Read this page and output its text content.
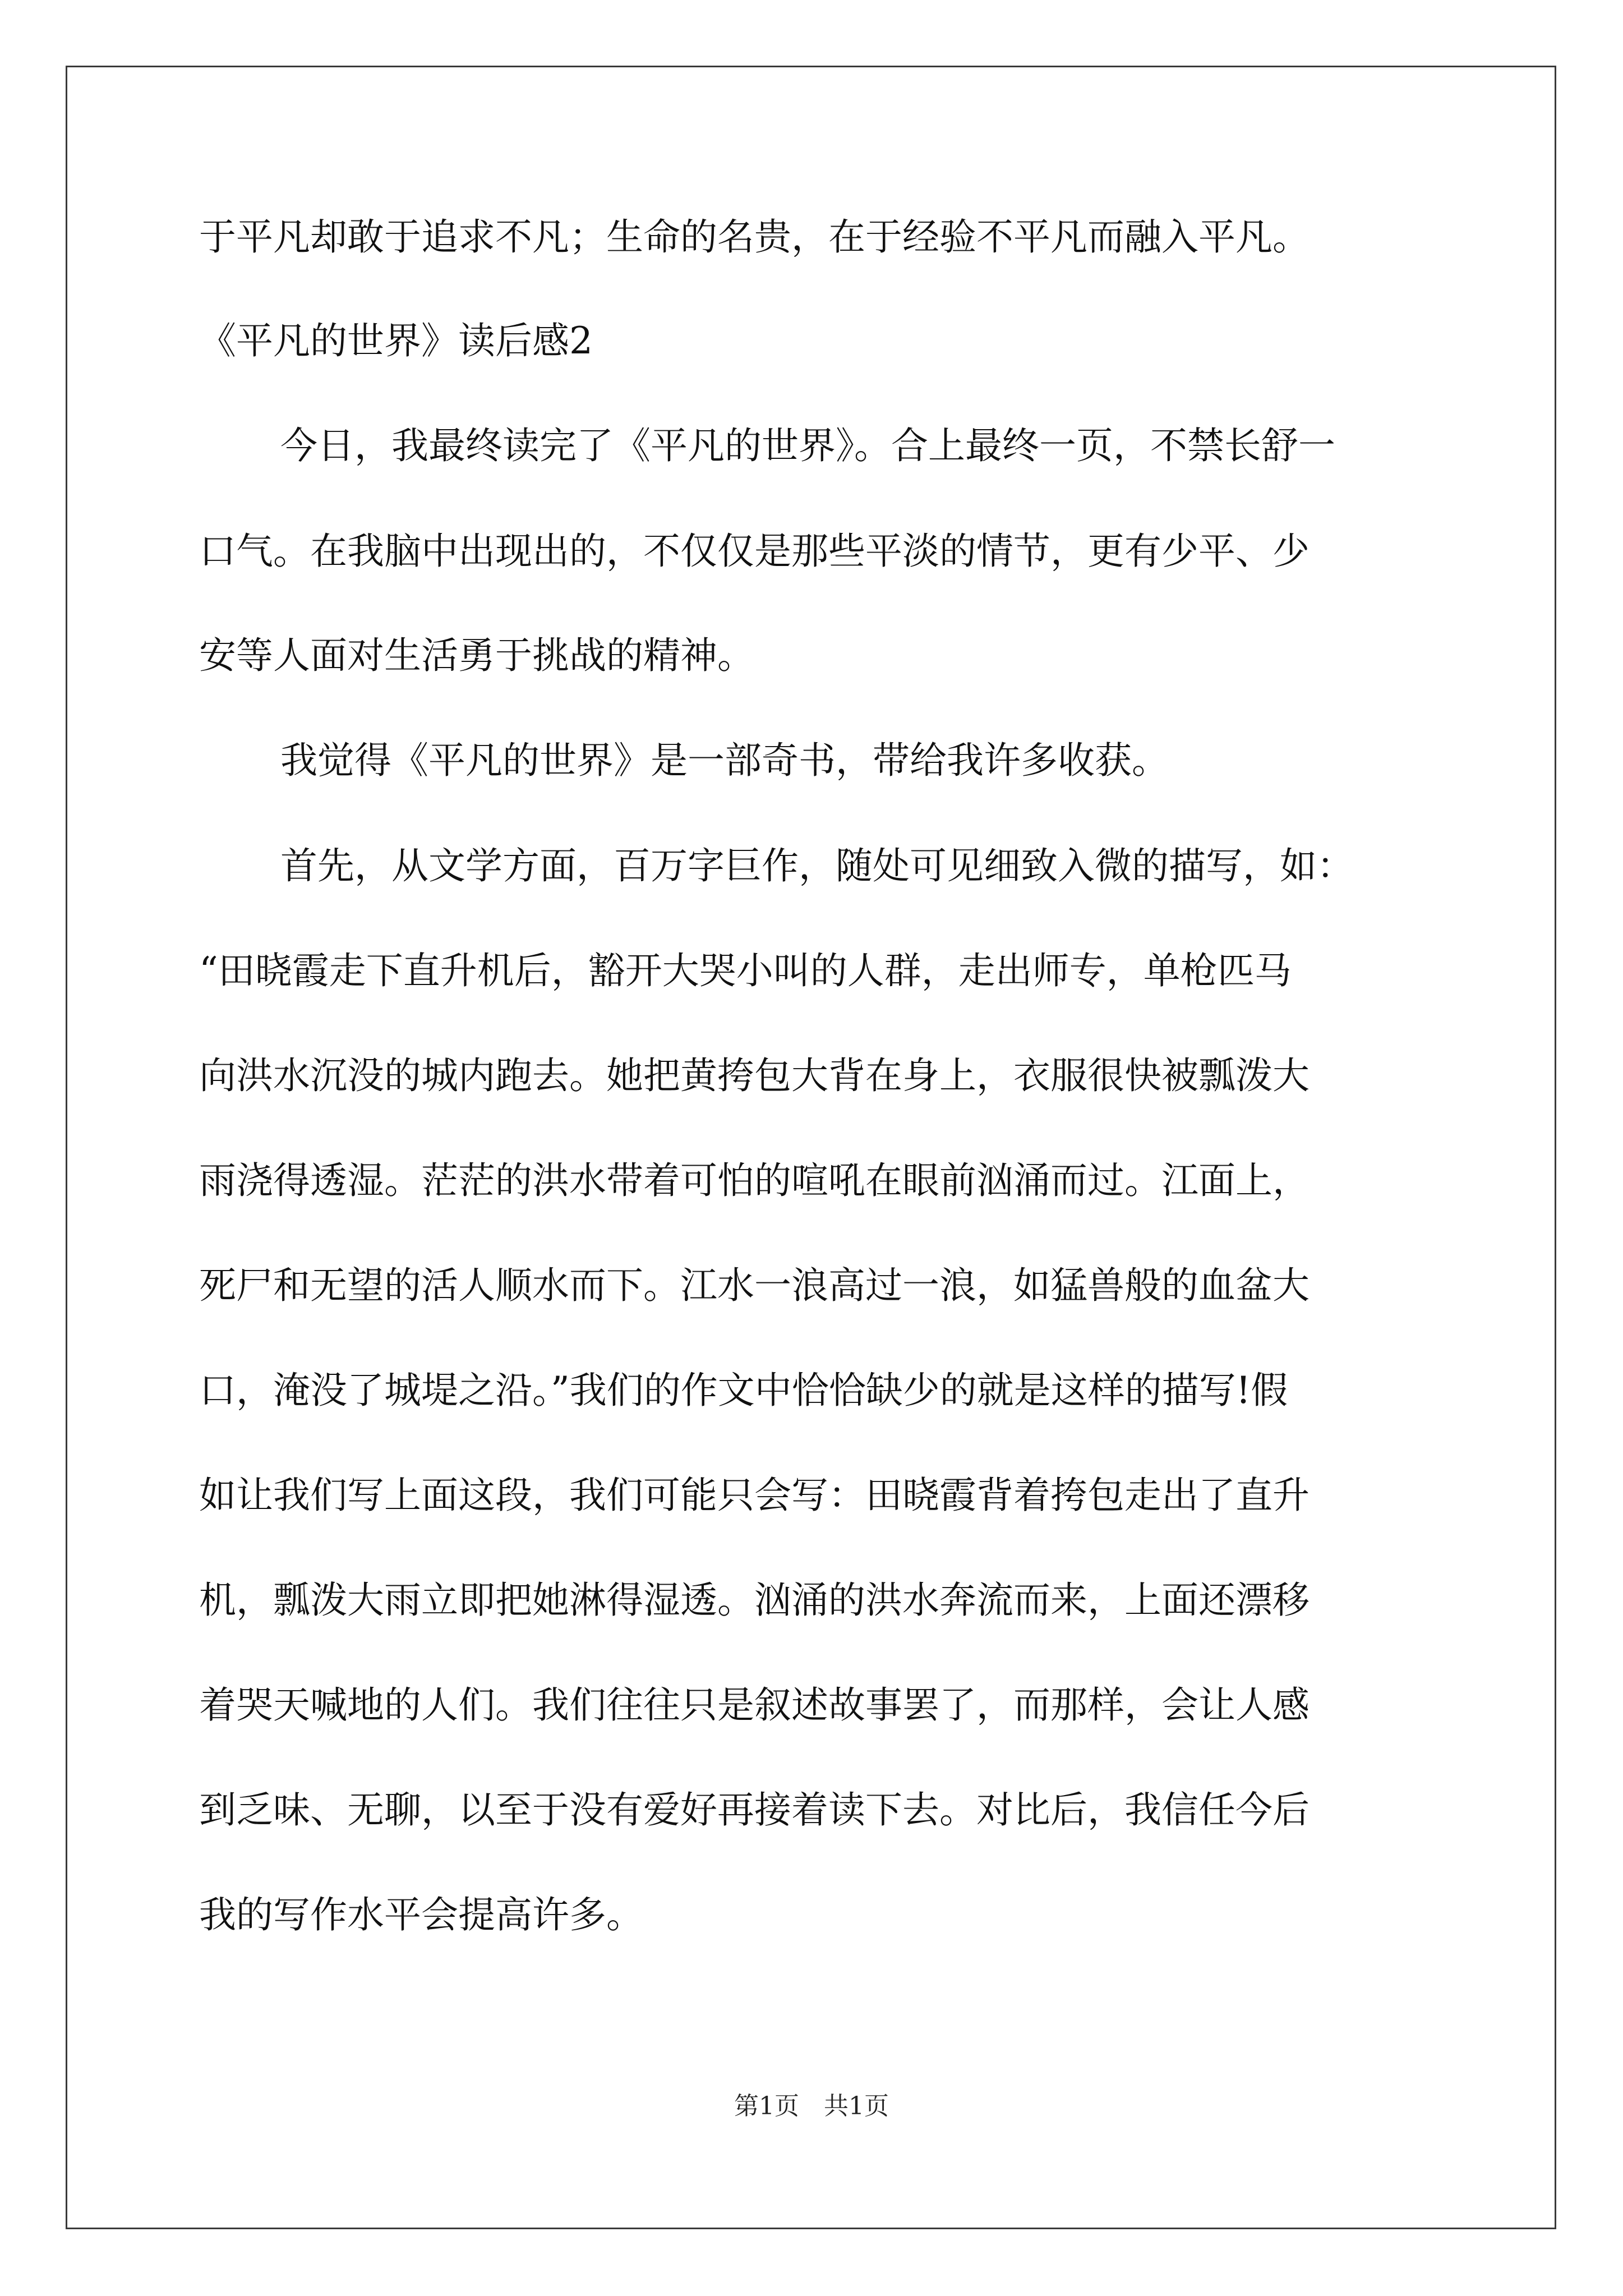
于平凡却敢于追求不凡；生命的名贵，在于经验不平凡而融入平凡。

《平凡的世界》读后感2

今日，我最终读完了《平凡的世界》。合上最终一页，不禁长舒一

口气。在我脑中出现出的，不仅仅是那些平淡的情节，更有少平、少

安等人面对生活勇于挑战的精神。

我觉得《平凡的世界》是一部奇书，带给我许多收获。

首先，从文学方面，百万字巨作，随处可见细致入微的描写，如：

“田晓霞走下直升机后，豁开大哭小叫的人群，走出师专，单枪匹马

向洪水沉没的城内跑去。她把黄挎包大背在身上，衣服很快被瓢泼大

雨浇得透湿。茫茫的洪水带着可怕的喧吼在眼前汹涌而过。江面上，

死尸和无望的活人顺水而下。江水一浪高过一浪，如猛兽般的血盆大

口，淹没了城堤之沿。”我们的作文中恰恰缺少的就是这样的描写!假

如让我们写上面这段，我们可能只会写：田晓霞背着挎包走出了直升

机，瓢泼大雨立即把她淋得湿透。汹涌的洪水奔流而来，上面还漂移

着哭天喊地的人们。我们往往只是叙述故事罢了，而那样，会让人感

到乏味、无聊，以至于没有爱好再接着读下去。对比后，我信任今后

我的写作水平会提高许多。

第1页 共1页
